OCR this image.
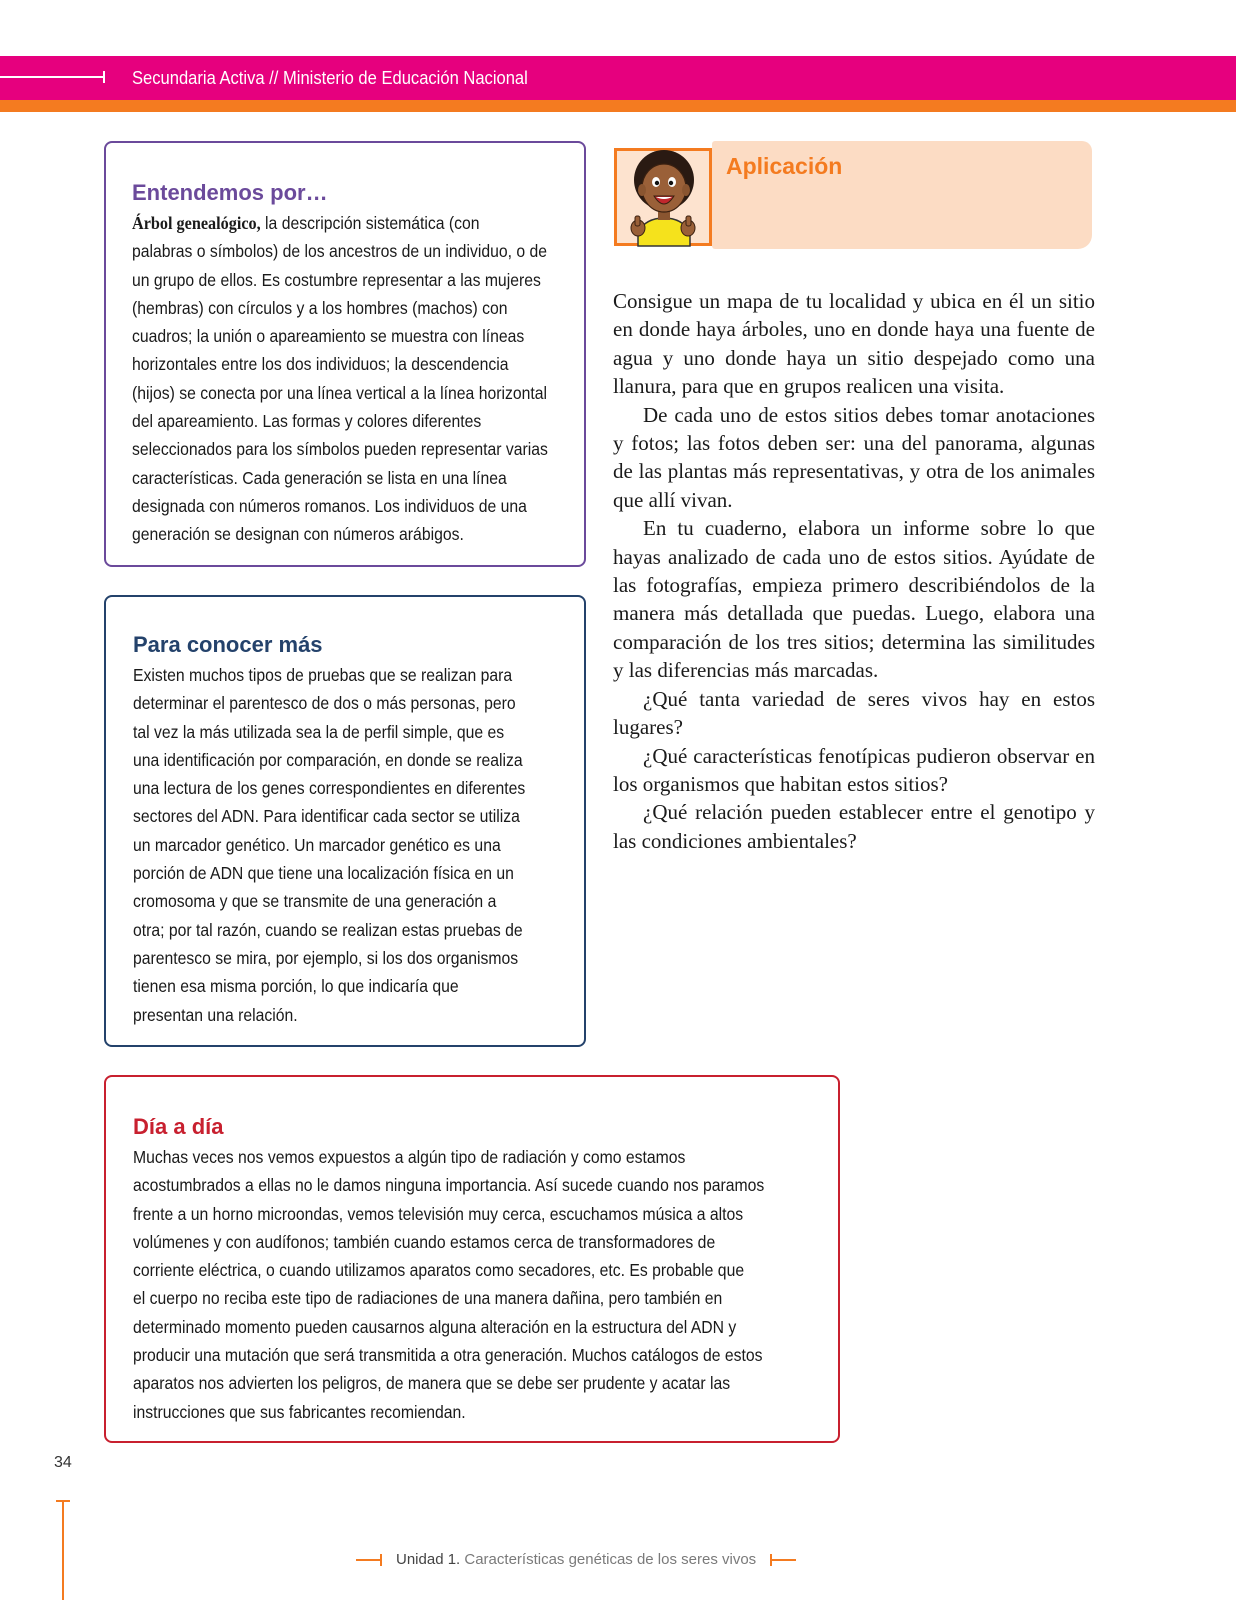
Secundaria Activa // Ministerio de Educación Nacional
Entendemos por…

Árbol genealógico, la descripción sistemática (con
palabras o símbolos) de los ancestros de un individuo, o de
un grupo de ellos. Es costumbre representar a las mujeres
(hembras) con círculos y a los hombres (machos) con
cuadros; la unión o apareamiento se muestra con líneas
horizontales entre los dos individuos; la descendencia
(hijos) se conecta por una línea vertical a la línea horizontal
del apareamiento. Las formas y colores diferentes
seleccionados para los símbolos pueden representar varias
características. Cada generación se lista en una línea
designada con números romanos. Los individuos de una
generación se designan con números arábigos.

Para conocer más

Existen muchos tipos de pruebas que se realizan para
determinar el parentesco de dos o más personas, pero
tal vez la más utilizada sea la de perfil simple, que es
una identificación por comparación, en donde se realiza
una lectura de los genes correspondientes en diferentes
sectores del ADN. Para identificar cada sector se utiliza
un marcador genético. Un marcador genético es una
porción de ADN que tiene una localización física en un
cromosoma y que se transmite de una generación a
otra; por tal razón, cuando se realizan estas pruebas de
parentesco se mira, por ejemplo, si los dos organismos
tienen esa misma porción, lo que indicaría que
presentan una relación.

Día a día

Muchas veces nos vemos expuestos a algún tipo de radiación y como estamos
acostumbrados a ellas no le damos ninguna importancia. Así sucede cuando nos paramos
frente a un horno microondas, vemos televisión muy cerca, escuchamos música a altos
volúmenes y con audífonos; también cuando estamos cerca de transformadores de
corriente eléctrica, o cuando utilizamos aparatos como secadores, etc. Es probable que
el cuerpo no reciba este tipo de radiaciones de una manera dañina, pero también en
determinado momento pueden causarnos alguna alteración en la estructura del ADN y
producir una mutación que será transmitida a otra generación. Muchos catálogos de estos
aparatos nos advierten los peligros, de manera que se debe ser prudente y acatar las
instrucciones que sus fabricantes recomiendan.

Aplicación

Consigue un mapa de tu localidad y ubica en él un sitio en donde haya árboles, uno en donde haya una fuente de agua y uno donde haya un sitio despejado como una llanura, para que en grupos realicen una visita.

De cada uno de estos sitios debes tomar anotaciones y fotos; las fotos deben ser: una del panorama, algunas de las plantas más representativas, y otra de los animales que allí vivan.

En tu cuaderno, elabora un informe sobre lo que hayas analizado de cada uno de estos sitios. Ayúdate de las fotografías, empieza primero describiéndolos de la manera más detallada que puedas. Luego, elabora una comparación de los tres sitios; determina las similitudes y las diferencias más marcadas.

¿Qué tanta variedad de seres vivos hay en estos lugares?

¿Qué características fenotípicas pudieron observar en los organismos que habitan estos sitios?

¿Qué relación pueden establecer entre el genotipo y las condiciones ambientales?

34
Unidad 1. Características genéticas de los seres vivos
